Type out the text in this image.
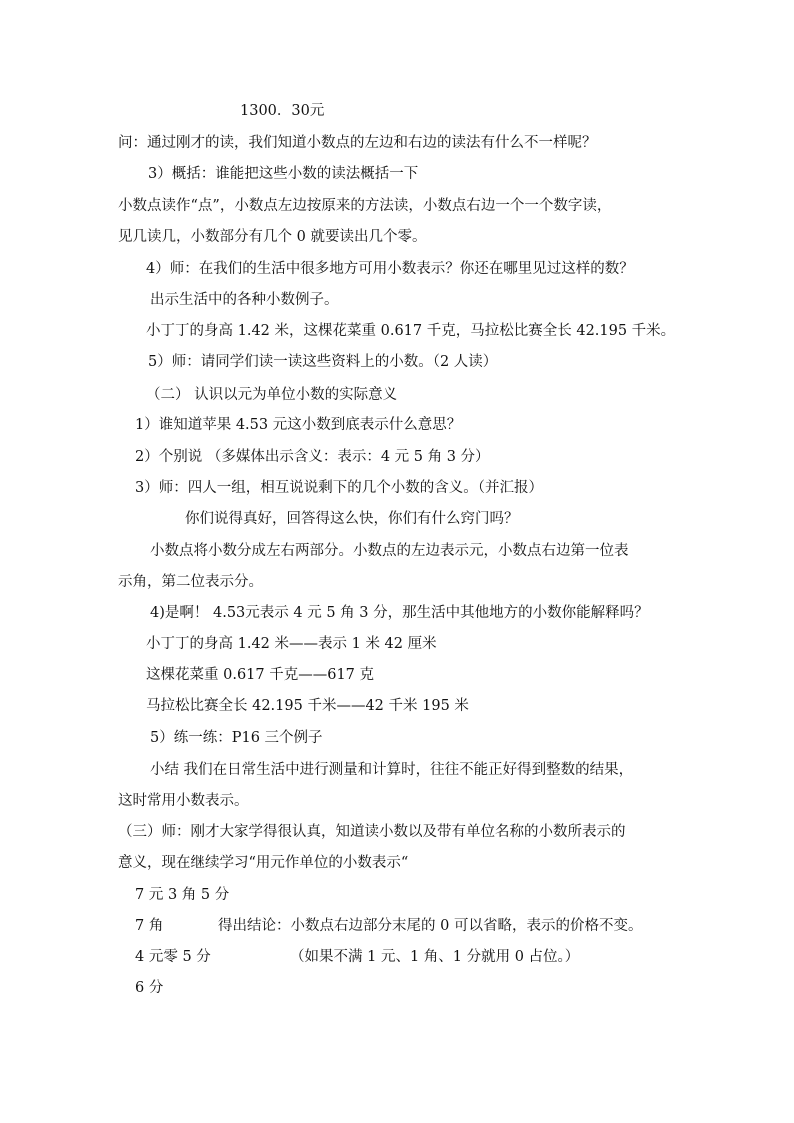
1300．30元
问：通过刚才的读，我们知道小数点的左边和右边的读法有什么不一样呢？
3）概括：谁能把这些小数的读法概括一下
小数点读作“点”，小数点左边按原来的方法读，小数点右边一个一个数字读，
见几读几，小数部分有几个 0 就要读出几个零。
4）师：在我们的生活中很多地方可用小数表示？你还在哪里见过这样的数？
出示生活中的各种小数例子。
小丁丁的身高 1.42 米，这棵花菜重 0.617 千克，马拉松比赛全长 42.195 千米。
5）师：请同学们读一读这些资料上的小数。（2 人读）
（二） 认识以元为单位小数的实际意义
1）谁知道苹果 4.53 元这小数到底表示什么意思？
2）个别说 （多媒体出示含义：表示：4 元 5 角 3 分）
3）师：四人一组，相互说说剩下的几个小数的含义。（并汇报）
你们说得真好，回答得这么快，你们有什么窍门吗？
小数点将小数分成左右两部分。小数点的左边表示元，小数点右边第一位表
示角，第二位表示分。
4)是啊！ 4.53元表示 4 元 5 角 3 分，那生活中其他地方的小数你能解释吗？
小丁丁的身高 1.42 米——表示 1 米 42 厘米
这棵花菜重 0.617 千克——617 克
马拉松比赛全长 42.195 千米——42 千米 195 米
5）练一练：P16 三个例子
小结 我们在日常生活中进行测量和计算时，往往不能正好得到整数的结果，
这时常用小数表示。
（三）师：刚才大家学得很认真，知道读小数以及带有单位名称的小数所表示的
意义，现在继续学习“用元作单位的小数表示“
7 元 3 角 5 分
7 角	得出结论：小数点右边部分末尾的 0 可以省略，表示的价格不变。
4 元零 5 分	（如果不满 1 元、1 角、1 分就用 0 占位。）
6 分
